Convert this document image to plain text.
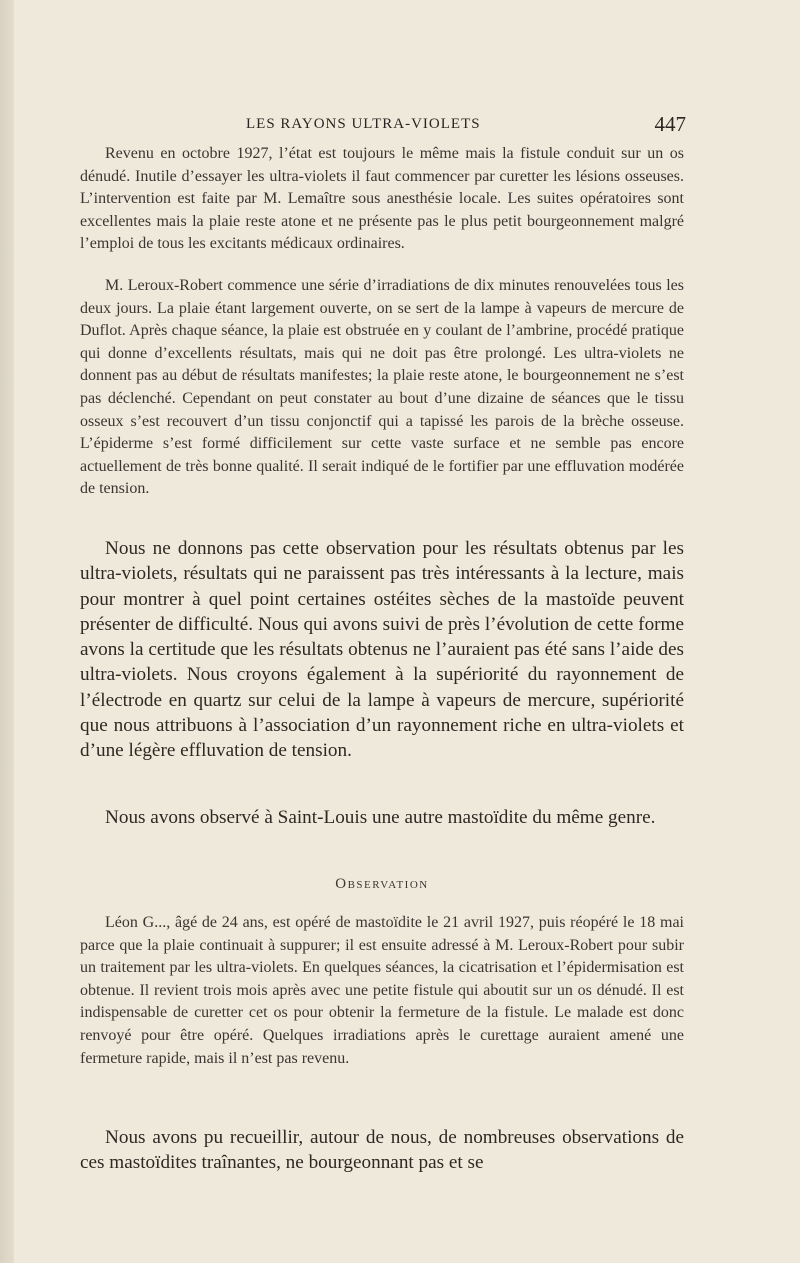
LES RAYONS ULTRA-VIOLETS	447

Revenu en octobre 1927, l’état est toujours le même mais la fistule conduit sur un os dénudé. Inutile d’essayer les ultra-violets il faut commencer par curetter les lésions osseuses. L’intervention est faite par M. Lemaître sous anesthésie locale. Les suites opératoires sont excellentes mais la plaie reste atone et ne présente pas le plus petit bourgeonnement malgré l’emploi de tous les excitants médicaux ordinaires.

M. Leroux-Robert commence une série d’irradiations de dix minutes renouvelées tous les deux jours. La plaie étant largement ouverte, on se sert de la lampe à vapeurs de mercure de Duflot. Après chaque séance, la plaie est obstruée en y coulant de l’ambrine, procédé pratique qui donne d’excellents résultats, mais qui ne doit pas être prolongé. Les ultra-violets ne donnent pas au début de résultats manifestes; la plaie reste atone, le bourgeonnement ne s’est pas déclenché. Cependant on peut constater au bout d’une dizaine de séances que le tissu osseux s’est recouvert d’un tissu conjonctif qui a tapissé les parois de la brèche osseuse. L’épiderme s’est formé difficilement sur cette vaste surface et ne semble pas encore actuellement de très bonne qualité. Il serait indiqué de le fortifier par une effluvation modérée de tension.

Nous ne donnons pas cette observation pour les résultats obtenus par les ultra-violets, résultats qui ne paraissent pas très intéressants à la lecture, mais pour montrer à quel point certaines ostéites sèches de la mastoïde peuvent présenter de difficulté. Nous qui avons suivi de près l’évolution de cette forme avons la certitude que les résultats obtenus ne l’auraient pas été sans l’aide des ultra-violets. Nous croyons également à la supériorité du rayonnement de l’électrode en quartz sur celui de la lampe à vapeurs de mercure, supériorité que nous attribuons à l’association d’un rayonnement riche en ultra-violets et d’une légère effluvation de tension.

Nous avons observé à Saint-Louis une autre mastoïdite du même genre.

Observation

Léon G..., âgé de 24 ans, est opéré de mastoïdite le 21 avril 1927, puis réopéré le 18 mai parce que la plaie continuait à suppurer; il est ensuite adressé à M. Leroux-Robert pour subir un traitement par les ultra-violets. En quelques séances, la cicatrisation et l’épidermisation est obtenue. Il revient trois mois après avec une petite fistule qui aboutit sur un os dénudé. Il est indispensable de curetter cet os pour obtenir la fermeture de la fistule. Le malade est donc renvoyé pour être opéré. Quelques irradiations après le curettage auraient amené une fermeture rapide, mais il n’est pas revenu.

Nous avons pu recueillir, autour de nous, de nombreuses observations de ces mastoïdites traînantes, ne bourgeonnant pas et se
